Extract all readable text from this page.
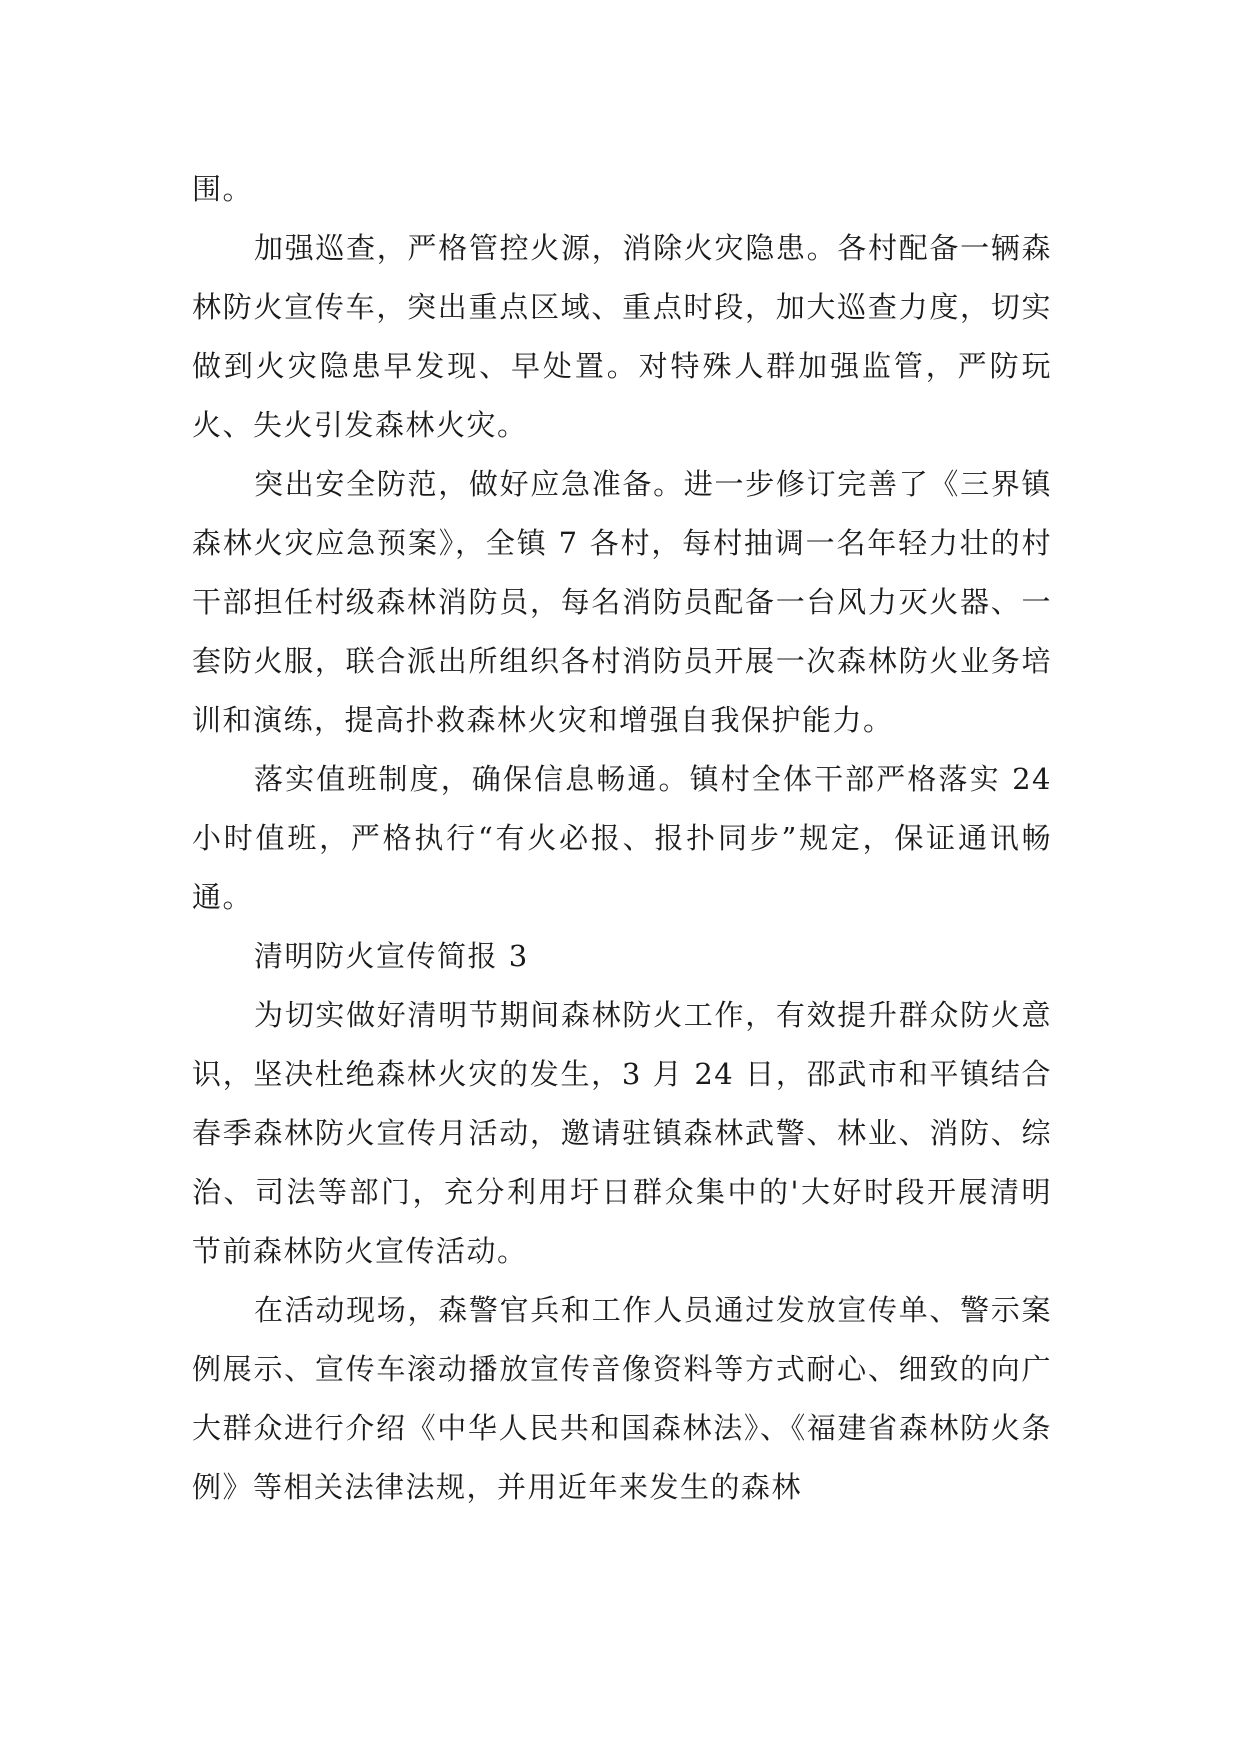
围。

加强巡查，严格管控火源，消除火灾隐患。各村配备一辆森林防火宣传车，突出重点区域、重点时段，加大巡查力度，切实做到火灾隐患早发现、早处置。对特殊人群加强监管，严防玩火、失火引发森林火灾。

突出安全防范，做好应急准备。进一步修订完善了《三界镇森林火灾应急预案》，全镇 7 各村，每村抽调一名年轻力壮的村干部担任村级森林消防员，每名消防员配备一台风力灭火器、一套防火服，联合派出所组织各村消防员开展一次森林防火业务培训和演练，提高扑救森林火灾和增强自我保护能力。

落实值班制度，确保信息畅通。镇村全体干部严格落实 24 小时值班，严格执行“有火必报、报扑同步”规定，保证通讯畅通。

清明防火宣传简报 3

为切实做好清明节期间森林防火工作，有效提升群众防火意识，坚决杜绝森林火灾的发生，3 月 24 日，邵武市和平镇结合春季森林防火宣传月活动，邀请驻镇森林武警、林业、消防、综治、司法等部门，充分利用圩日群众集中的'大好时段开展清明节前森林防火宣传活动。

在活动现场，森警官兵和工作人员通过发放宣传单、警示案例展示、宣传车滚动播放宣传音像资料等方式耐心、细致的向广大群众进行介绍《中华人民共和国森林法》、《福建省森林防火条例》等相关法律法规，并用近年来发生的森林
